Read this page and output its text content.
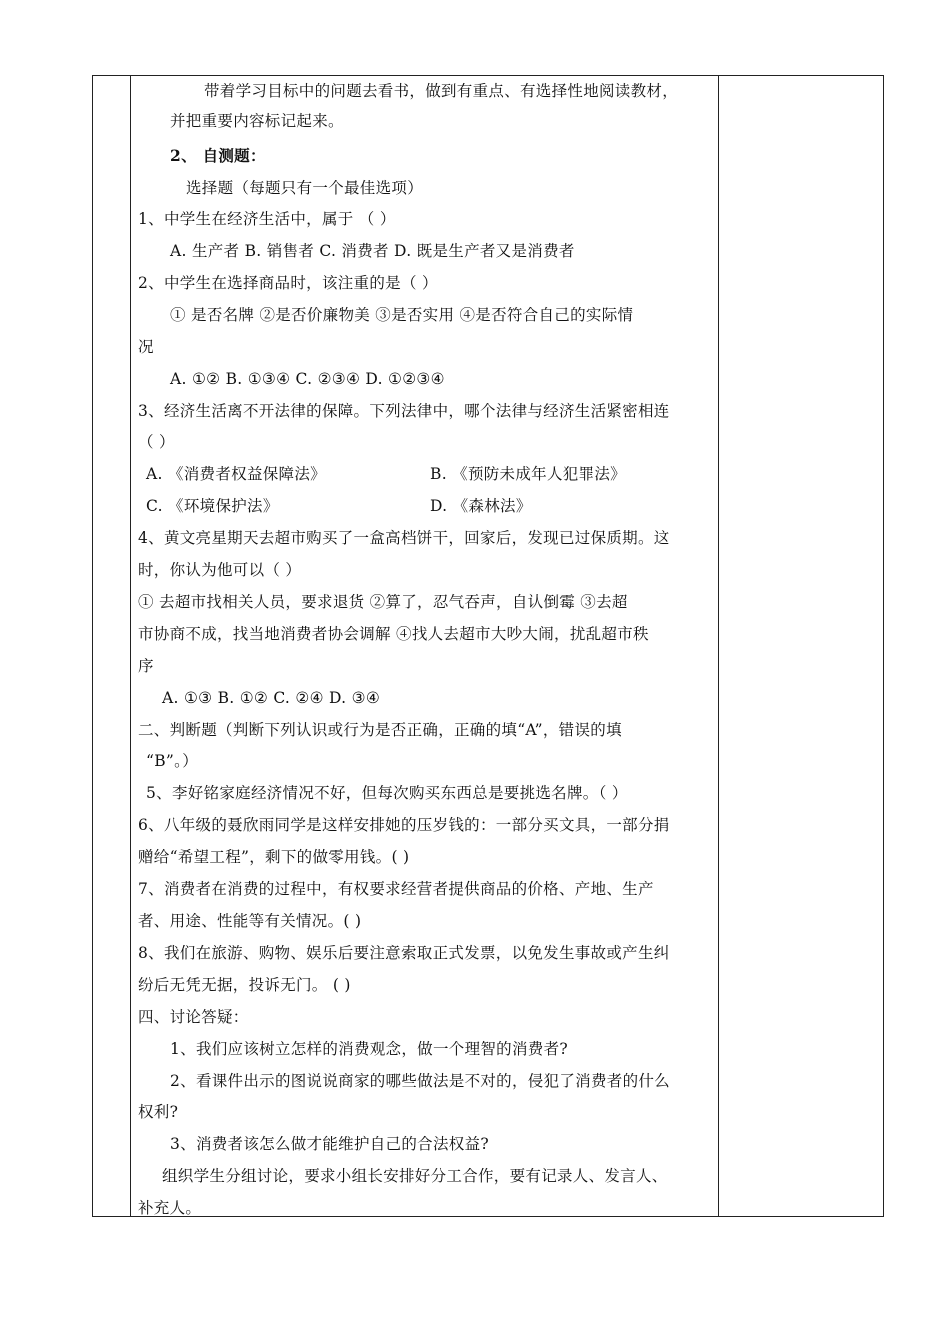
带着学习目标中的问题去看书，做到有重点、有选择性地阅读教材，
并把重要内容标记起来。
2、 自测题：
选择题（每题只有一个最佳选项）
1、中学生在经济生活中，属于 （ ）
A. 生产者 B. 销售者 C. 消费者 D. 既是生产者又是消费者
2、中学生在选择商品时，该注重的是（ ）
① 是否名牌 ②是否价廉物美 ③是否实用 ④是否符合自己的实际情
况
A. ①② B. ①③④ C. ②③④ D. ①②③④
3、经济生活离不开法律的保障。下列法律中，哪个法律与经济生活紧密相连
（ ）
A. 《消费者权益保障法》	B. 《预防未成年人犯罪法》
C. 《环境保护法》	D. 《森林法》
4、黄文亮星期天去超市购买了一盒高档饼干，回家后，发现已过保质期。这
时，你认为他可以（ ）
① 去超市找相关人员，要求退货 ②算了，忍气吞声，自认倒霉 ③去超
市协商不成，找当地消费者协会调解 ④找人去超市大吵大闹，扰乱超市秩
序
A. ①③ B. ①② C. ②④ D. ③④
二、判断题（判断下列认识或行为是否正确，正确的填“A”，错误的填
“B”。）
5、李好铭家庭经济情况不好，但每次购买东西总是要挑选名牌。（ ）
6、八年级的聂欣雨同学是这样安排她的压岁钱的：一部分买文具，一部分捐
赠给“希望工程”，剩下的做零用钱。( )
7、消费者在消费的过程中，有权要求经营者提供商品的价格、产地、生产
者、用途、性能等有关情况。( )
8、我们在旅游、购物、娱乐后要注意索取正式发票，以免发生事故或产生纠
纷后无凭无据，投诉无门。 ( )
四、讨论答疑：
1、我们应该树立怎样的消费观念，做一个理智的消费者?
2、看课件出示的图说说商家的哪些做法是不对的，侵犯了消费者的什么
权利?
3、消费者该怎么做才能维护自己的合法权益?
组织学生分组讨论，要求小组长安排好分工合作，要有记录人、发言人、
补充人。
